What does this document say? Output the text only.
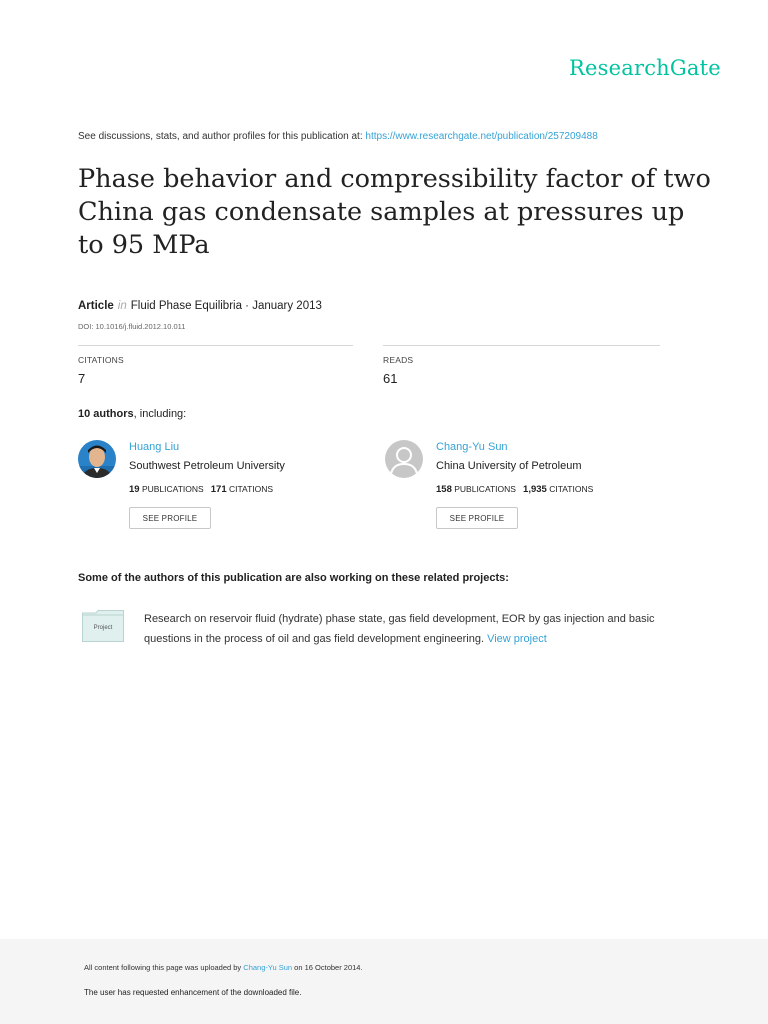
ResearchGate
See discussions, stats, and author profiles for this publication at: https://www.researchgate.net/publication/257209488
Phase behavior and compressibility factor of two China gas condensate samples at pressures up to 95 MPa
Article in Fluid Phase Equilibria · January 2013
DOI: 10.1016/j.fluid.2012.10.011
CITATIONS
7
READS
61
10 authors, including:
Huang Liu
Southwest Petroleum University
19 PUBLICATIONS 171 CITATIONS
SEE PROFILE
Chang-Yu Sun
China University of Petroleum
158 PUBLICATIONS 1,935 CITATIONS
SEE PROFILE
Some of the authors of this publication are also working on these related projects:
Project
Research on reservoir fluid (hydrate) phase state, gas field development, EOR by gas injection and basic questions in the process of oil and gas field development engineering. View project
All content following this page was uploaded by Chang-Yu Sun on 16 October 2014.
The user has requested enhancement of the downloaded file.
